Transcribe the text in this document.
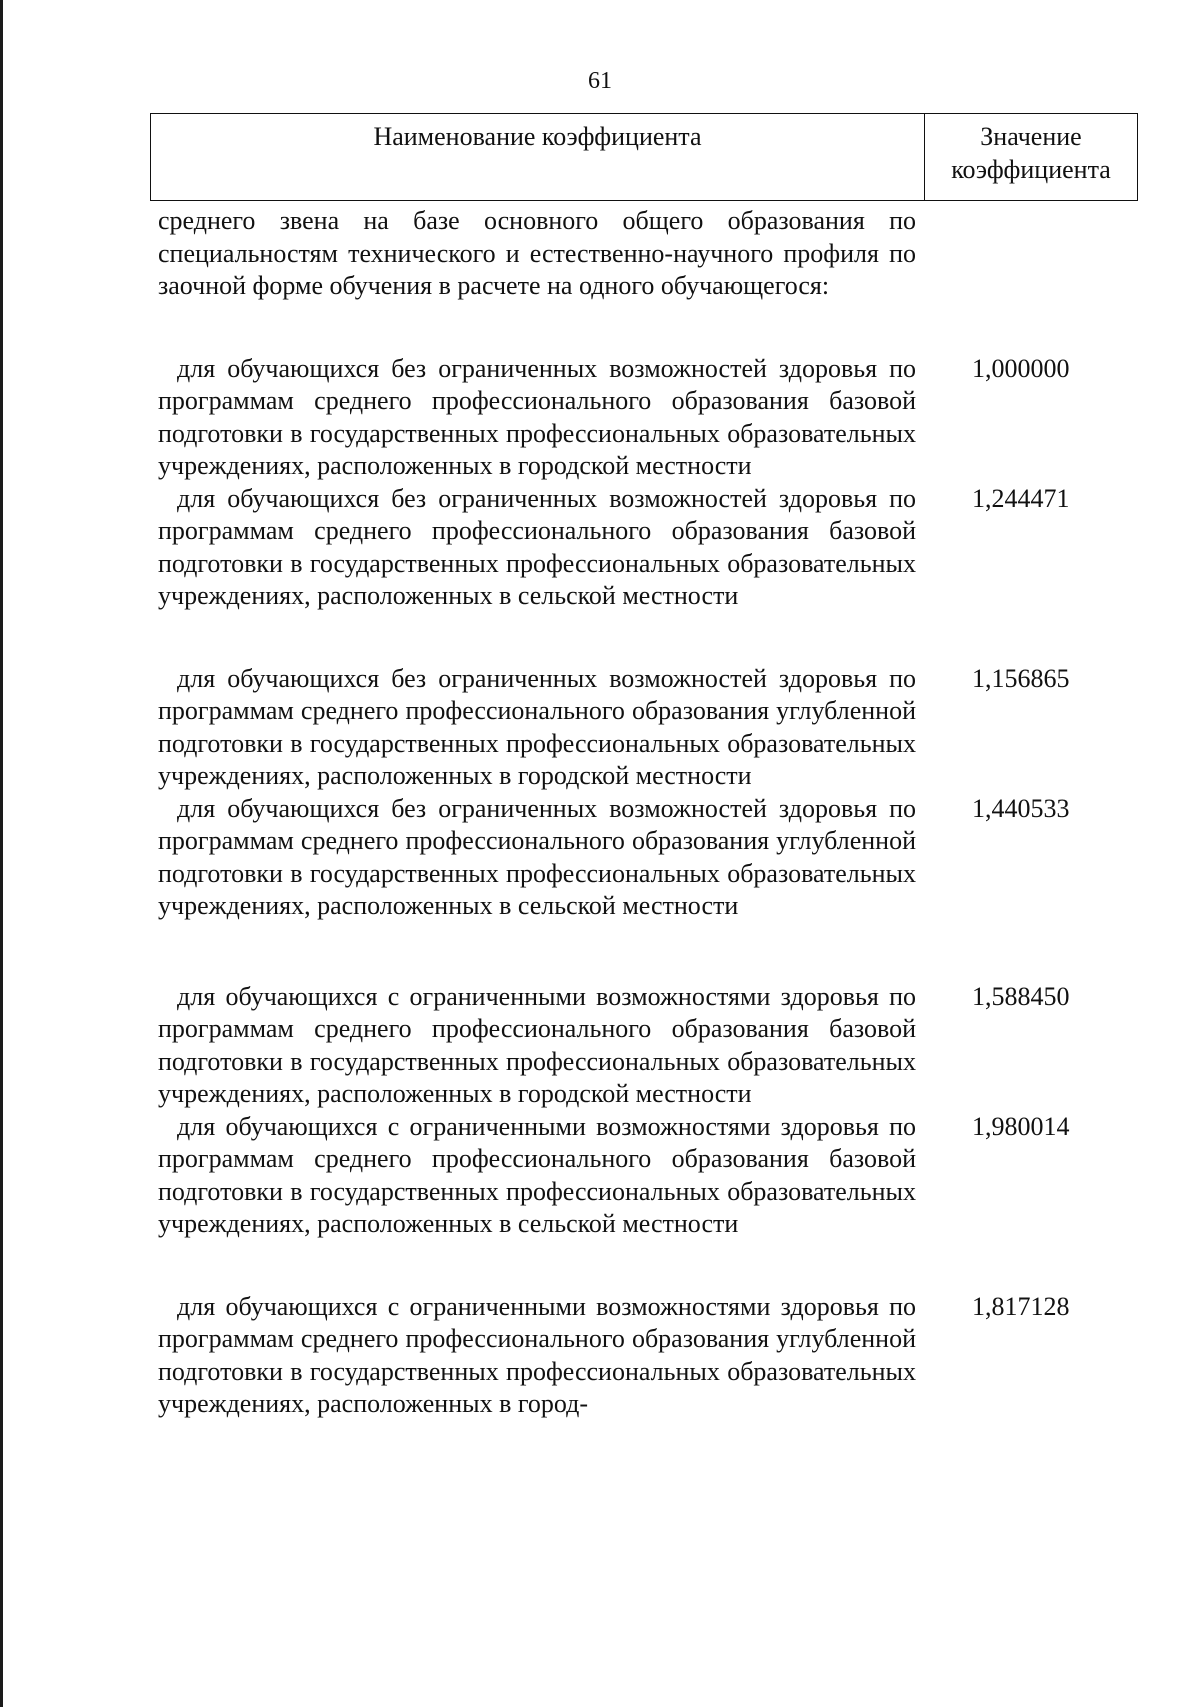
61
Наименование коэффициента	Значение
коэффициента
среднего звена на базе основного общего образования по специальностям технического и естественно-научного профиля по заочной форме обучения в расчете на одного обучающегося:
для обучающихся без ограниченных возможностей здоровья по программам среднего профессионального образования базовой подготовки в государственных профессиональных образовательных учреждениях, расположенных в городской местности
1,000000
для обучающихся без ограниченных возможностей здоровья по программам среднего профессионального образования базовой подготовки в государственных профессиональных образовательных учреждениях, расположенных в сельской местности
1,244471
для обучающихся без ограниченных возможностей здоровья по программам среднего профессионального образования углубленной подготовки в государственных профессиональных образовательных учреждениях, расположенных в городской местности
1,156865
для обучающихся без ограниченных возможностей здоровья по программам среднего профессионального образования углубленной подготовки в государственных профессиональных образовательных учреждениях, расположенных в сельской местности
1,440533
для обучающихся с ограниченными возможностями здоровья по программам среднего профессионального образования базовой подготовки в государственных профессиональных образовательных учреждениях, расположенных в городской местности
1,588450
для обучающихся с ограниченными возможностями здоровья по программам среднего профессионального образования базовой подготовки в государственных профессиональных образовательных учреждениях, расположенных в сельской местности
1,980014
для обучающихся с ограниченными возможностями здоровья по программам среднего профессионального образования углубленной подготовки в государственных профессиональных образовательных учреждениях, расположенных в город-
1,817128
